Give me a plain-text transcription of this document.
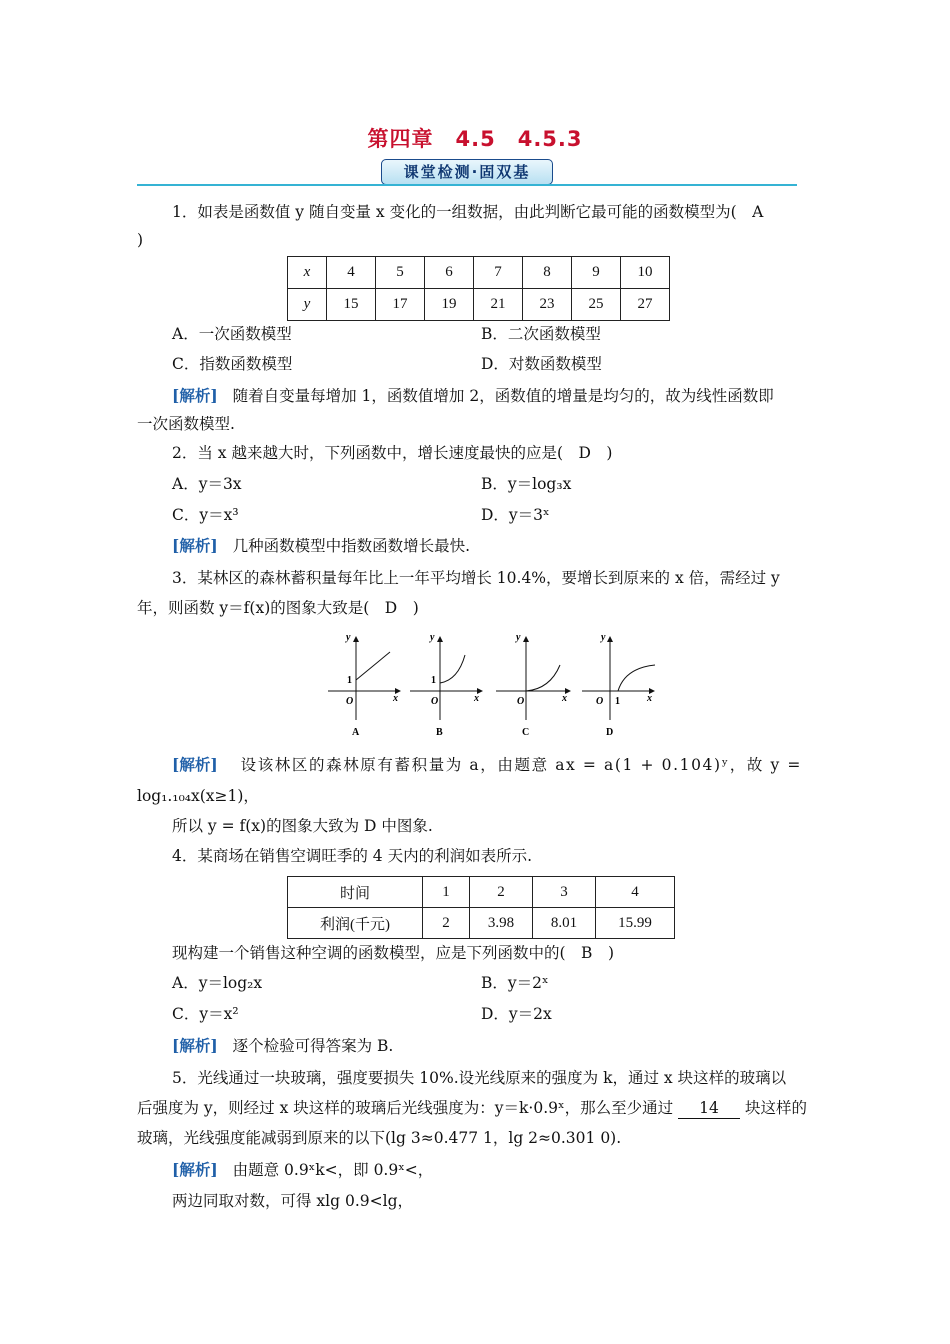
第四章　4.5　4.5.3
课堂检测·固双基
1．如表是函数值 y 随自变量 x 变化的一组数据，由此判断它最可能的函数模型为(　A
)
x	4	5	6	7	8	9	10
y	15	17	19	21	23	25	27
A．一次函数模型	B．二次函数模型
C．指数函数模型	D．对数函数模型
[解析] 随着自变量每增加 1，函数值增加 2，函数值的增量是均匀的，故为线性函数即
一次函数模型.
2．当 x 越来越大时，下列函数中，增长速度最快的应是(　D　)
A．y＝3x	B．y＝log₃x
C．y＝x³	D．y＝3ˣ
[解析] 几种函数模型中指数函数增长最快.
3．某林区的森林蓄积量每年比上一年平均增长 10.4%，要增长到原来的 x 倍，需经过 y
年，则函数 y＝f(x)的图象大致是(　D　)
y
x
O
1
A
y
x
O
1
B
y
x
O
C
y
x
O 1
D
[解析] 设该林区的森林原有蓄积量为 a，由题意 ax = a(1 + 0.104)ʸ，故 y =
log₁.₁₀₄x(x≥1)，
所以 y = f(x)的图象大致为 D 中图象.
4．某商场在销售空调旺季的 4 天内的利润如表所示.
时间	1	2	3	4
利润(千元)	2	3.98	8.01	15.99
现构建一个销售这种空调的函数模型，应是下列函数中的(　B　)
A．y＝log₂x	B．y＝2ˣ
C．y＝x²	D．y＝2x
[解析] 逐个检验可得答案为 B.
5．光线通过一块玻璃，强度要损失 10%.设光线原来的强度为 k，通过 x 块这样的玻璃以
后强度为 y，则经过 x 块这样的玻璃后光线强度为：y＝k·0.9ˣ，那么至少通过 14 块这样的
玻璃，光线强度能减弱到原来的以下(lg 3≈0.477 1，lg 2≈0.301 0).
[解析] 由题意 0.9ˣk<，即 0.9ˣ<，
两边同取对数，可得 xlg 0.9<lg，
